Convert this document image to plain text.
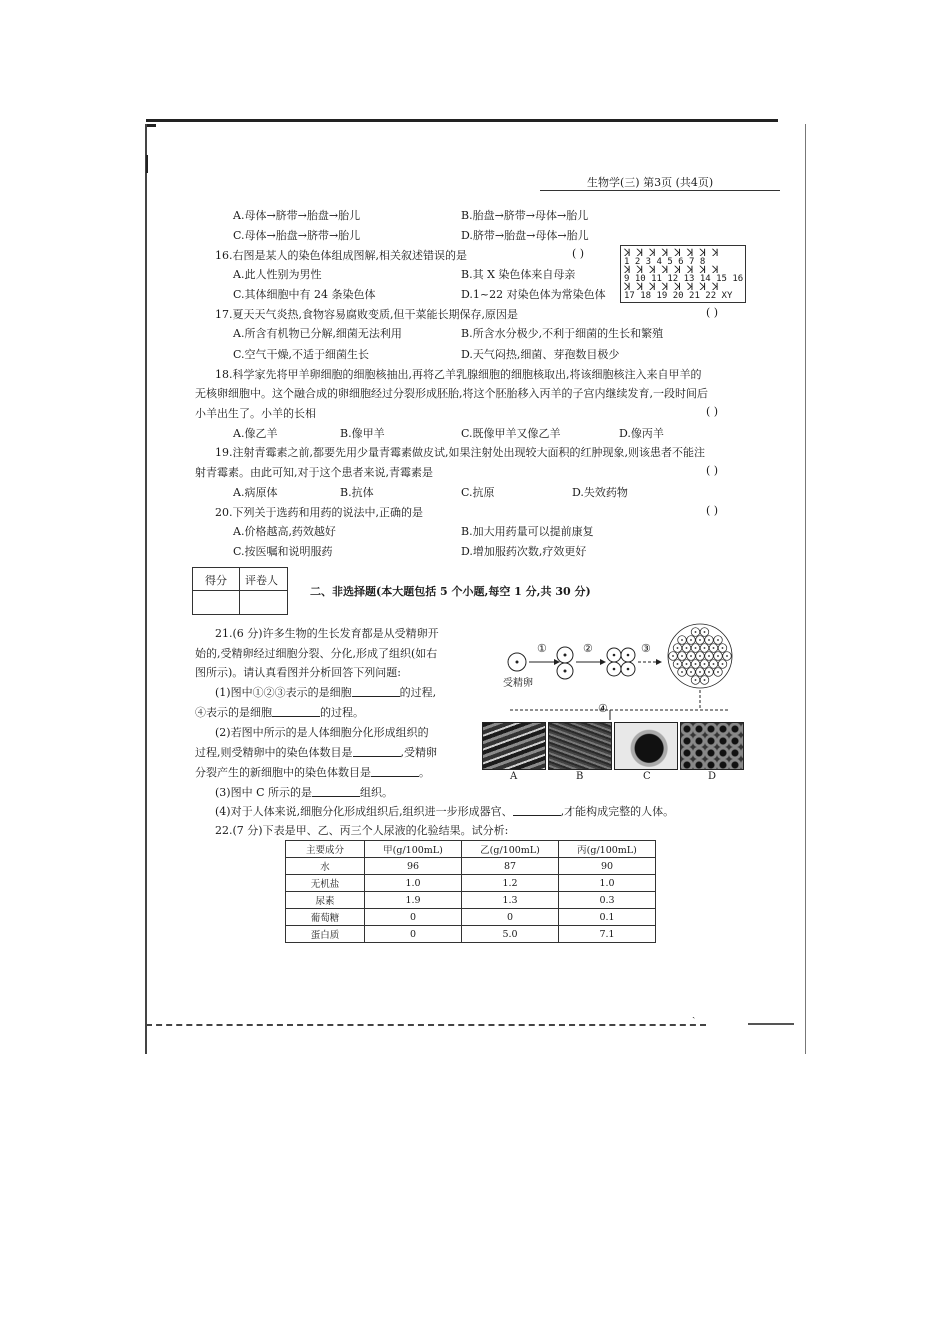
生物学(三) 第3页 (共4页)
A.母体→脐带→胎盘→胎儿	B.胎盘→脐带→母体→胎儿
C.母体→胎盘→脐带→胎儿	D.脐带→胎盘→母体→胎儿
16.右图是某人的染色体组成图解,相关叙述错误的是	( )
A.此人性别为男性	B.其 X 染色体来自母亲
C.其体细胞中有 24 条染色体	D.1~22 对染色体为常染色体
ꓘ ꓘ ꓘ ꓘ ꓘ ꓘ ꓘ ꓘ
1 2 3 4 5 6 7 8
ꓘ ꓘ ꓘ ꓘ ꓘ ꓘ ꓘ ꓘ
9 10 11 12 13 14 15 16
ꓘ ꓘ ꓘ ꓘ ꓘ ꓘ ꓘ ꓘ
17 18 19 20 21 22 XY
17.夏天天气炎热,食物容易腐败变质,但干菜能长期保存,原因是	( )
A.所含有机物已分解,细菌无法利用	B.所含水分极少,不利于细菌的生长和繁殖
C.空气干燥,不适于细菌生长	D.天气闷热,细菌、芽孢数目极少
18.科学家先将甲羊卵细胞的细胞核抽出,再将乙羊乳腺细胞的细胞核取出,将该细胞核注入来自甲羊的
无核卵细胞中。这个融合成的卵细胞经过分裂形成胚胎,将这个胚胎移入丙羊的子宫内继续发育,一段时间后
小羊出生了。小羊的长相	( )
A.像乙羊	B.像甲羊	C.既像甲羊又像乙羊	D.像丙羊
19.注射青霉素之前,都要先用少量青霉素做皮试,如果注射处出现较大面积的红肿现象,则该患者不能注
射青霉素。由此可知,对于这个患者来说,青霉素是	( )
A.病原体	B.抗体	C.抗原	D.失效药物
20.下列关于选药和用药的说法中,正确的是	( )
A.价格越高,药效越好	B.加大用药量可以提前康复
C.按医嘱和说明服药	D.增加服药次数,疗效更好
得分 评卷人
二、非选择题(本大题包括 5 个小题,每空 1 分,共 30 分)
21.(6 分)许多生物的生长发育都是从受精卵开
始的,受精卵经过细胞分裂、分化,形成了组织(如右
图所示)。请认真看图并分析回答下列问题:
(1)图中①②③表示的是细胞	的过程,
④表示的是细胞	的过程。
(2)若图中所示的是人体细胞分化形成组织的
过程,则受精卵中的染色体数目是	,受精卵
分裂产生的新细胞中的染色体数目是	。
(3)图中 C 所示的是	组织。
(4)对于人体来说,细胞分化形成组织后,组织进一步形成器官、	,才能构成完整的人体。
受精卵
①	②	③
④
A	B	C	D
22.(7 分)下表是甲、乙、丙三个人尿液的化验结果。试分析:
主要成分	甲(g/100mL)	乙(g/100mL)	丙(g/100mL)
水	96	87	90
无机盐	1.0	1.2	1.0
尿素	1.9	1.3	0.3
葡萄糖	0	0	0.1
蛋白质	0	5.0	7.1
ˎ
